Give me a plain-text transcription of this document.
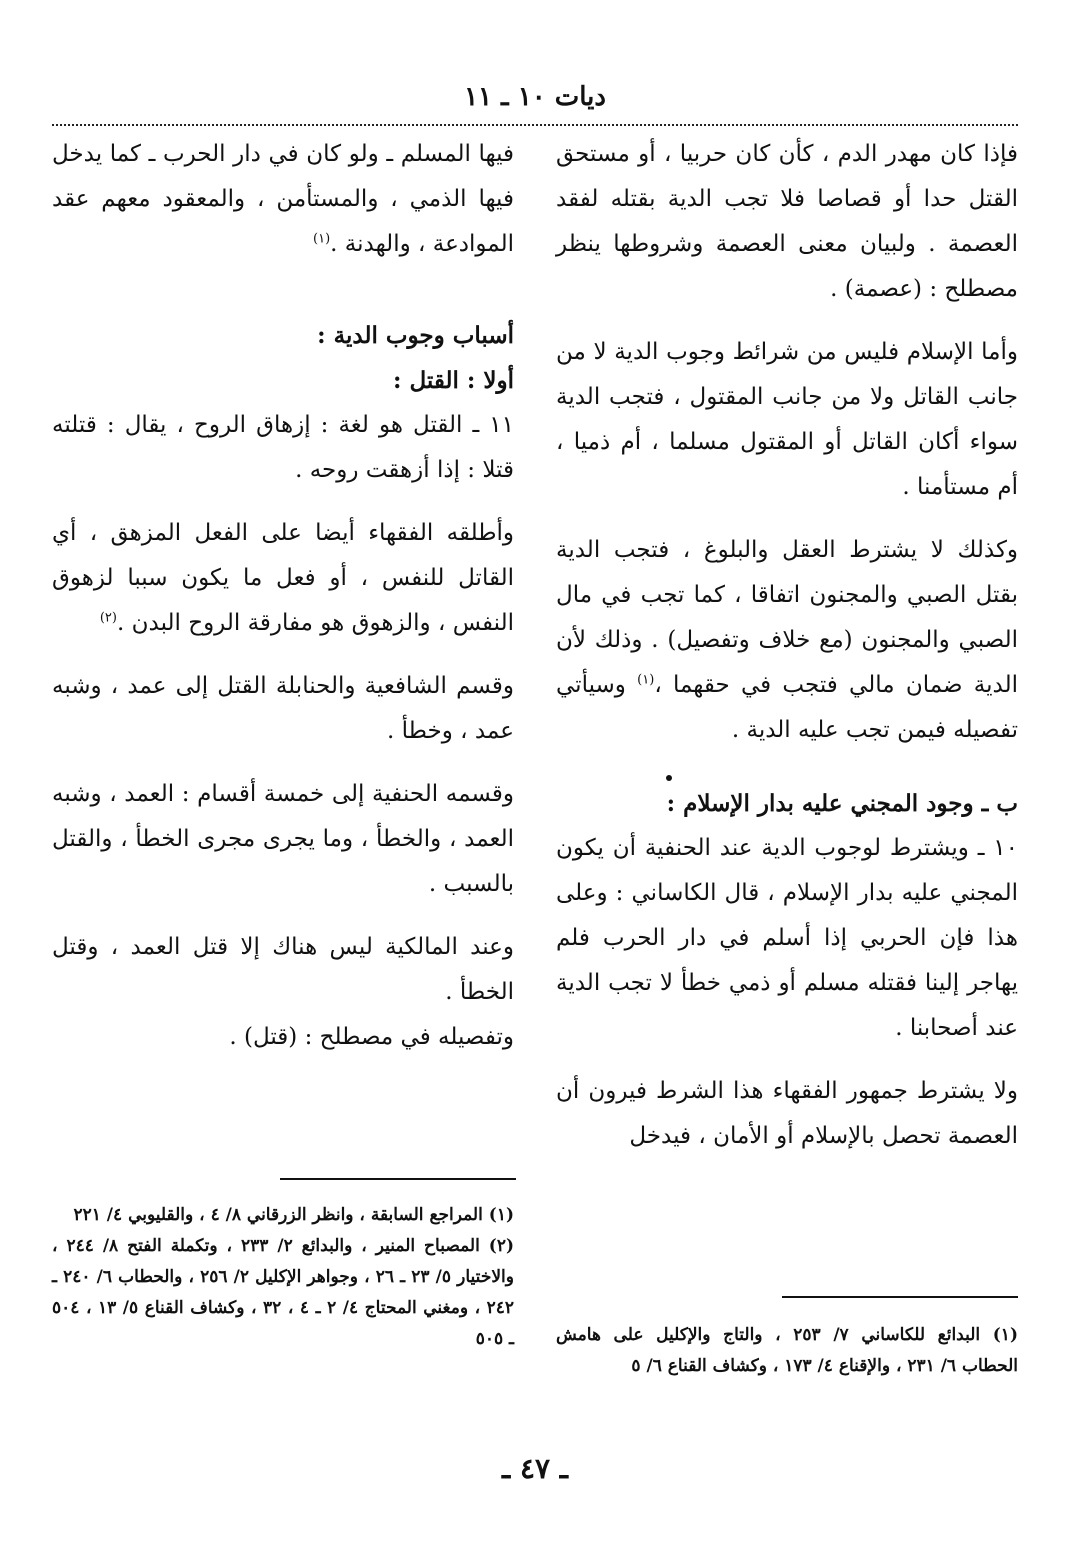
ديات ١٠ ـ ١١

فإذا كان مهدر الدم ، كأن كان حربيا ، أو مستحق القتل حدا أو قصاصا فلا تجب الدية بقتله لفقد العصمة . ولبيان معنى العصمة وشروطها ينظر مصطلح : (عصمة) .

وأما الإسلام فليس من شرائط وجوب الدية لا من جانب القاتل ولا من جانب المقتول ، فتجب الدية سواء أكان القاتل أو المقتول مسلما ، أم ذميا ، أم مستأمنا .

وكذلك لا يشترط العقل والبلوغ ، فتجب الدية بقتل الصبي والمجنون اتفاقا ، كما تجب في مال الصبي والمجنون (مع خلاف وتفصيل) . وذلك لأن الدية ضمان مالي فتجب في حقهما ،$^{(١)}$ وسيأتي تفصيله فيمن تجب عليه الدية .

ب ـ وجود المجني عليه بدار الإسلام :

١٠ ـ ويشترط لوجوب الدية عند الحنفية أن يكون المجني عليه بدار الإسلام ، قال الكاساني : وعلى هذا فإن الحربي إذا أسلم في دار الحرب فلم يهاجر إلينا فقتله مسلم أو ذمي خطأ لا تجب الدية عند أصحابنا .

ولا يشترط جمهور الفقهاء هذا الشرط فيرون أن العصمة تحصل بالإسلام أو الأمان ، فيدخل

فيها المسلم ـ ولو كان في دار الحرب ـ كما يدخل فيها الذمي ، والمستأمن ، والمعقود معهم عقد الموادعة ، والهدنة .$^{(١)}$

أسباب وجوب الدية :

أولا : القتل :

١١ ـ القتل هو لغة : إزهاق الروح ، يقال : قتلته قتلا : إذا أزهقت روحه .

وأطلقه الفقهاء أيضا على الفعل المزهق ، أي القاتل للنفس ، أو فعل ما يكون سببا لزهوق النفس ، والزهوق هو مفارقة الروح البدن .$^{(٢)}$

وقسم الشافعية والحنابلة القتل إلى عمد ، وشبه عمد ، وخطأ .

وقسمه الحنفية إلى خمسة أقسام : العمد ، وشبه العمد ، والخطأ ، وما يجرى مجرى الخطأ ، والقتل بالسبب .

وعند المالكية ليس هناك إلا قتل العمد ، وقتل الخطأ .

وتفصيله في مصطلح : (قتل) .

(١) البدائع للكاساني ٧/ ٢٥٣ ، والتاج والإكليل على هامش الحطاب ٦/ ٢٣١ ، والإقناع ٤/ ١٧٣ ، وكشاف القناع ٦/ ٥

(١) المراجع السابقة ، وانظر الزرقاني ٨/ ٤ ، والقليوبي ٤/ ٢٢١

(٢) المصباح المنير ، والبدائع ٢/ ٢٣٣ ، وتكملة الفتح ٨/ ٢٤٤ ، والاختيار ٥/ ٢٣ ـ ٢٦ ، وجواهر الإكليل ٢/ ٢٥٦ ، والحطاب ٦/ ٢٤٠ ـ ٢٤٢ ، ومغني المحتاج ٤/ ٢ ـ ٤ ، ٣٢ ، وكشاف القناع ٥/ ١٣ ، ٥٠٤ ـ ٥٠٥

ـ ٤٧ ـ
